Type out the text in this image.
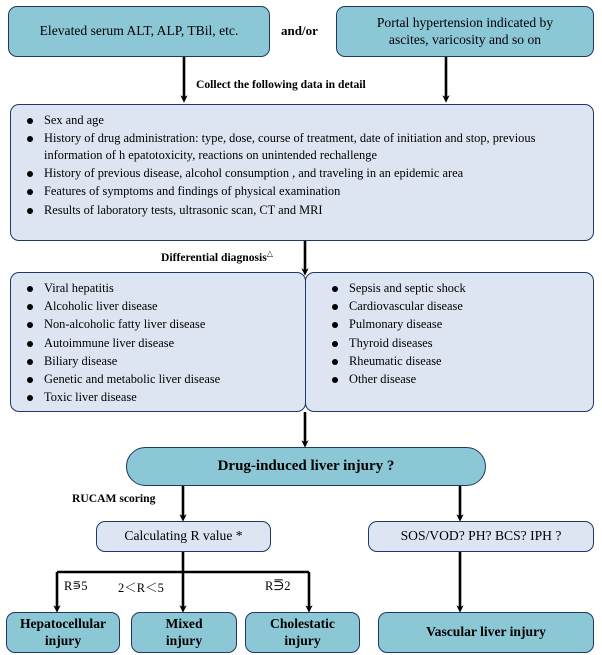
Elevated serum ALT, ALP, TBil, etc.	and/or
Portal hypertension indicated by
ascites, varicosity and so on
Collect the following data in detail
Sex and age
History of drug administration: type, dose, course of treatment, date of initiation and stop, previous information of h epatotoxicity, reactions on unintended rechallenge
History of previous disease, alcohol consumption , and traveling in an epidemic area
Features of symptoms and findings of physical examination
Results of laboratory tests, ultrasonic scan, CT and MRI
Differential diagnosis△
Viral hepatitis
Alcoholic liver disease
Non-alcoholic fatty liver disease
Autoimmune liver disease
Biliary disease
Genetic and metabolic liver disease
Toxic liver disease
Sepsis and septic shock
Cardiovascular disease
Pulmonary disease
Thyroid diseases
Rheumatic disease
Other disease
Drug-induced liver injury ?
RUCAM scoring
Calculating R value *	SOS/VOD? PH? BCS? IPH ?
R⋾5 2＜R＜5	R⋽2
Hepatocellular
injury
Mixed
injury
Cholestatic
injury
Vascular liver injury
